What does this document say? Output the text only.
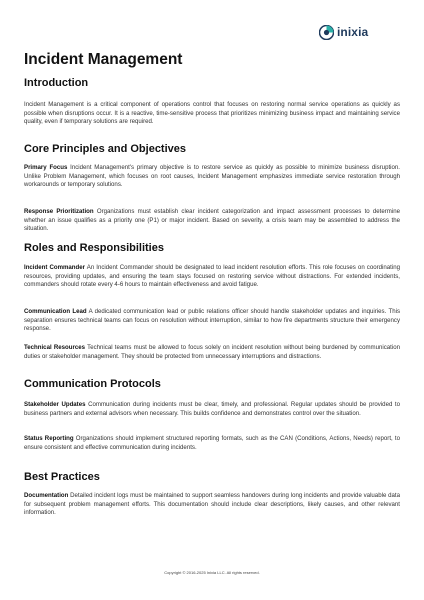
inixia
Incident Management
Introduction

Incident Management is a critical component of operations control that focuses on restoring normal service operations as quickly as possible when disruptions occur. It is a reactive, time-sensitive process that prioritizes minimizing business impact and maintaining service quality, even if temporary solutions are required.

Core Principles and Objectives

Primary Focus Incident Management's primary objective is to restore service as quickly as possible to minimize business disruption. Unlike Problem Management, which focuses on root causes, Incident Management emphasizes immediate service restoration through workarounds or temporary solutions.

Response Prioritization Organizations must establish clear incident categorization and impact assessment processes to determine whether an issue qualifies as a priority one (P1) or major incident. Based on severity, a crisis team may be assembled to address the situation.

Roles and Responsibilities

Incident Commander An Incident Commander should be designated to lead incident resolution efforts. This role focuses on coordinating resources, providing updates, and ensuring the team stays focused on restoring service without distractions. For extended incidents, commanders should rotate every 4-6 hours to maintain effectiveness and avoid fatigue.

Communication Lead A dedicated communication lead or public relations officer should handle stakeholder updates and inquiries. This separation ensures technical teams can focus on resolution without interruption, similar to how fire departments structure their emergency response.

Technical Resources Technical teams must be allowed to focus solely on incident resolution without being burdened by communication duties or stakeholder management. They should be protected from unnecessary interruptions and distractions.

Communication Protocols

Stakeholder Updates Communication during incidents must be clear, timely, and professional. Regular updates should be provided to business partners and external advisors when necessary. This builds confidence and demonstrates control over the situation.

Status Reporting Organizations should implement structured reporting formats, such as the CAN (Conditions, Actions, Needs) report, to ensure consistent and effective communication during incidents.

Best Practices

Documentation Detailed incident logs must be maintained to support seamless handovers during long incidents and provide valuable data for subsequent problem management efforts. This documentation should include clear descriptions, likely causes, and other relevant information.

Copyright © 2016-2025 Inixia LLC. All rights reserved.
